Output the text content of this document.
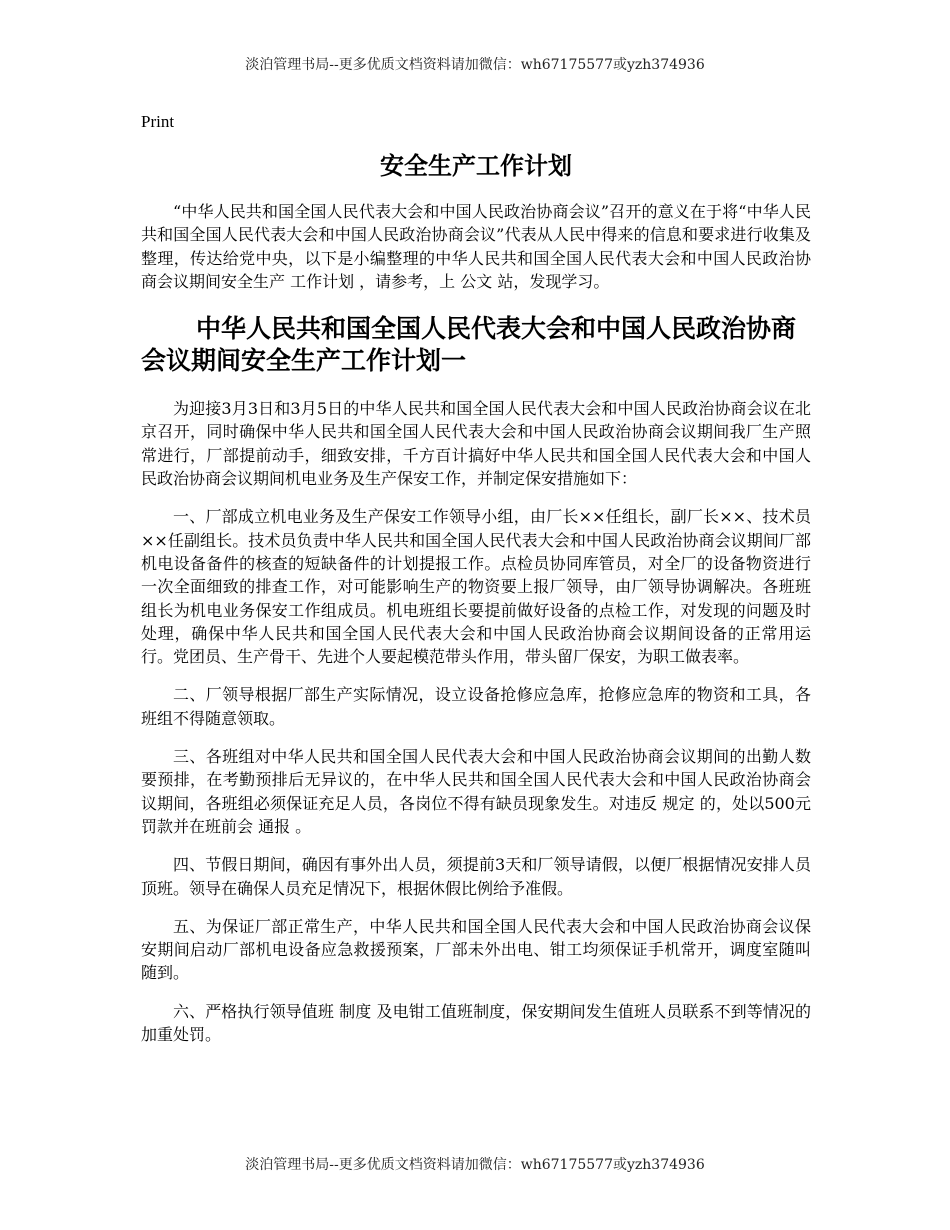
淡泊管理书局--更多优质文档资料请加微信：wh67175577或yzh374936
Print
安全生产工作计划

“中华人民共和国全国人民代表大会和中国人民政治协商会议”召开的意义在于将“中华人民共和国全国人民代表大会和中国人民政治协商会议”代表从人民中得来的信息和要求进行收集及整理，传达给党中央，以下是小编整理的中华人民共和国全国人民代表大会和中国人民政治协商会议期间安全生产 工作计划 ，请参考，上 公文 站，发现学习。

中华人民共和国全国人民代表大会和中国人民政治协商会议期间安全生产工作计划一

为迎接3月3日和3月5日的中华人民共和国全国人民代表大会和中国人民政治协商会议在北京召开，同时确保中华人民共和国全国人民代表大会和中国人民政治协商会议期间我厂生产照常进行，厂部提前动手，细致安排，千方百计搞好中华人民共和国全国人民代表大会和中国人民政治协商会议期间机电业务及生产保安工作，并制定保安措施如下：

一、厂部成立机电业务及生产保安工作领导小组，由厂长××任组长，副厂长××、技术员××任副组长。技术员负责中华人民共和国全国人民代表大会和中国人民政治协商会议期间厂部机电设备备件的核查的短缺备件的计划提报工作。点检员协同库管员，对全厂的设备物资进行一次全面细致的排查工作，对可能影响生产的物资要上报厂领导，由厂领导协调解决。各班班组长为机电业务保安工作组成员。机电班组长要提前做好设备的点检工作，对发现的问题及时处理，确保中华人民共和国全国人民代表大会和中国人民政治协商会议期间设备的正常用运行。党团员、生产骨干、先进个人要起模范带头作用，带头留厂保安，为职工做表率。

二、厂领导根据厂部生产实际情况，设立设备抢修应急库，抢修应急库的物资和工具，各班组不得随意领取。

三、各班组对中华人民共和国全国人民代表大会和中国人民政治协商会议期间的出勤人数要预排，在考勤预排后无异议的，在中华人民共和国全国人民代表大会和中国人民政治协商会议期间，各班组必须保证充足人员，各岗位不得有缺员现象发生。对违反 规定 的，处以500元罚款并在班前会 通报 。

四、节假日期间，确因有事外出人员，须提前3天和厂领导请假，以便厂根据情况安排人员顶班。领导在确保人员充足情况下，根据休假比例给予准假。

五、为保证厂部正常生产，中华人民共和国全国人民代表大会和中国人民政治协商会议保安期间启动厂部机电设备应急救援预案，厂部未外出电、钳工均须保证手机常开，调度室随叫随到。

六、严格执行领导值班 制度 及电钳工值班制度，保安期间发生值班人员联系不到等情况的加重处罚。

淡泊管理书局--更多优质文档资料请加微信：wh67175577或yzh374936
